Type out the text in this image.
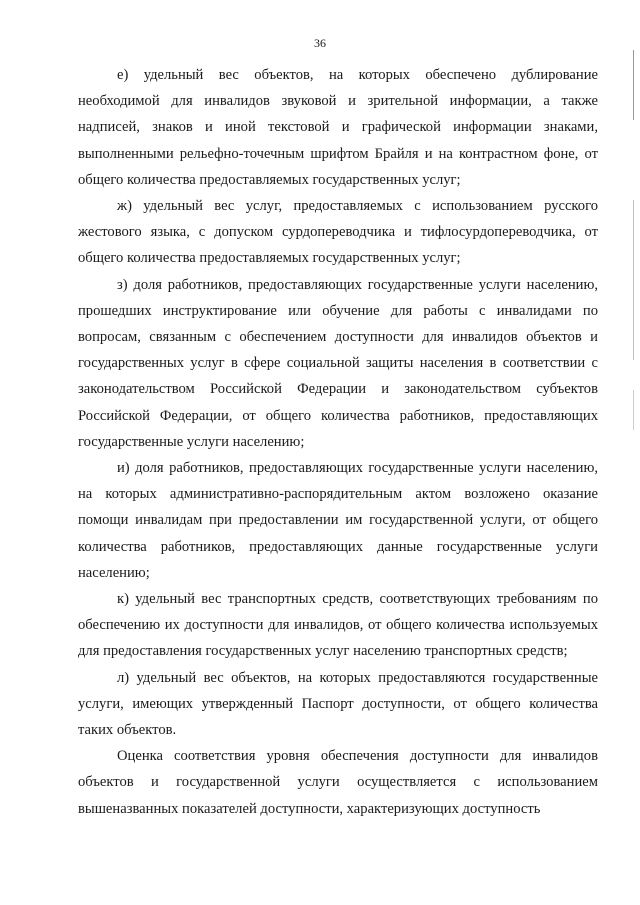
36

е) удельный вес объектов, на которых обеспечено дублирование необходимой для инвалидов звуковой и зрительной информации, а также надписей, знаков и иной текстовой и графической информации знаками, выполненными рельефно-точечным шрифтом Брайля и на контрастном фоне, от общего количества предоставляемых государственных услуг;

ж) удельный вес услуг, предоставляемых с использованием русского жестового языка, с допуском сурдопереводчика и тифлосурдопереводчика, от общего количества предоставляемых государственных услуг;

з) доля работников, предоставляющих государственные услуги населению, прошедших инструктирование или обучение для работы с инвалидами по вопросам, связанным с обеспечением доступности для инвалидов объектов и государственных услуг в сфере социальной защиты населения в соответствии с законодательством Российской Федерации и законодательством субъектов Российской Федерации, от общего количества работников, предоставляющих государственные услуги населению;

и) доля работников, предоставляющих государственные услуги населению, на которых административно-распорядительным актом возложено оказание помощи инвалидам при предоставлении им государственной услуги, от общего количества работников, предоставляющих данные государственные услуги населению;

к) удельный вес транспортных средств, соответствующих требованиям по обеспечению их доступности для инвалидов, от общего количества используемых для предоставления государственных услуг населению транспортных средств;

л) удельный вес объектов, на которых предоставляются государственные услуги, имеющих утвержденный Паспорт доступности, от общего количества таких объектов.

Оценка соответствия уровня обеспечения доступности для инвалидов объектов и государственной услуги осуществляется с использованием вышеназванных показателей доступности, характеризующих доступность
